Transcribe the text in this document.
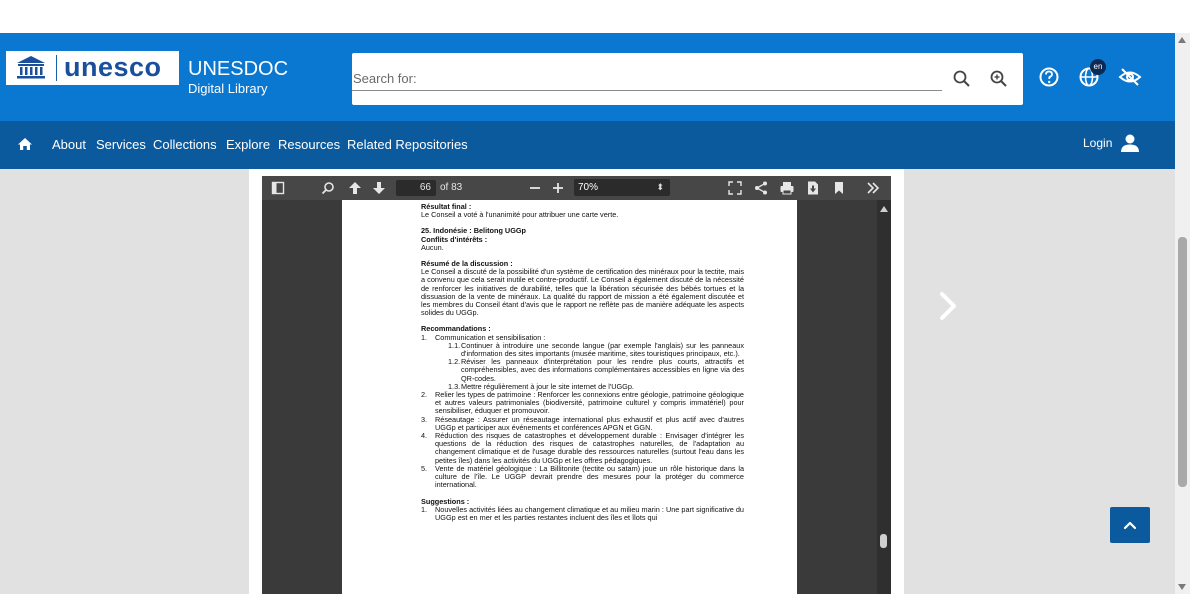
unesco UNESDOC
Digital Library
Search for:
en
About Services Collections Explore Resources Related Repositories	Login
66 of 83	70%	⬍

Résultat final :

Le Conseil a voté à l'unanimité pour attribuer une carte verte.

25. Indonésie : Belitong UGGp

Conflits d'intérêts :

Aucun.

Résumé de la discussion :

Le Conseil a discuté de la possibilité d'un système de certification des minéraux pour la tectite, mais a convenu que cela serait inutile et contre-productif. Le Conseil a également discuté de la nécessité de renforcer les initiatives de durabilité, telles que la libération sécurisée des bébés tortues et la dissuasion de la vente de minéraux. La qualité du rapport de mission a été également discutée et les membres du Conseil étant d'avis que le rapport ne reflète pas de manière adéquate les aspects solides du UGGp.

Recommandations :

1. Communication et sensibilisation :
1.1. Continuer à introduire une seconde langue (par exemple l'anglais) sur les panneaux d'information des sites importants (musée maritime, sites touristiques principaux, etc.).
1.2. Réviser les panneaux d'interprétation pour les rendre plus courts, attractifs et compréhensibles, avec des informations complémentaires accessibles en ligne via des QR-codes.
1.3. Mettre régulièrement à jour le site internet de l'UGGp.
2. Relier les types de patrimoine : Renforcer les connexions entre géologie, patrimoine géologique et autres valeurs patrimoniales (biodiversité, patrimoine culturel y compris immatériel) pour sensibiliser, éduquer et promouvoir.
3. Réseautage : Assurer un réseautage international plus exhaustif et plus actif avec d'autres UGGp et participer aux événements et conférences APGN et GGN.
4. Réduction des risques de catastrophes et développement durable : Envisager d'intégrer les questions de la réduction des risques de catastrophes naturelles, de l'adaptation au changement climatique et de l'usage durable des ressources naturelles (surtout l'eau dans les petites îles) dans les activités du UGGp et les offres pédagogiques.
5. Vente de matériel géologique : La Billitonite (tectite ou satam) joue un rôle historique dans la culture de l'île. Le UGGP devrait prendre des mesures pour la protéger du commerce international.

Suggestions :

1. Nouvelles activités liées au changement climatique et au milieu marin : Une part significative du UGGp est en mer et les parties restantes incluent des îles et îlots qui
